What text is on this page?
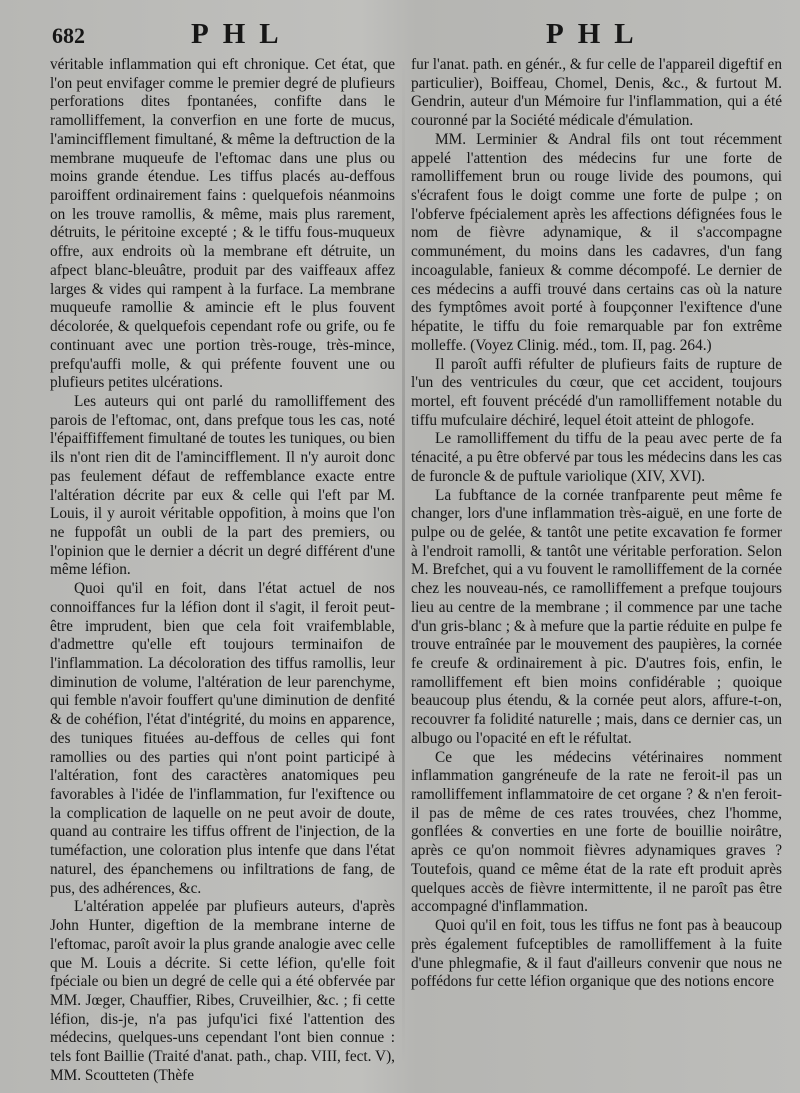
682	PHL	PHL

véritable inflammation qui eft chronique. Cet état, que l'on peut envifager comme le premier degré de plufieurs perforations dites fpontanées, confifte dans le ramolliffement, la converfion en une forte de mucus, l'amincifflement fimultané, & même la deftruction de la membrane muqueufe de l'eftomac dans une plus ou moins grande étendue. Les tiffus placés au-deffous paroiffent ordinairement fains : quelquefois néanmoins on les trouve ramollis, & même, mais plus rarement, détruits, le péritoine excepté ; & le tiffu fous-muqueux offre, aux endroits où la membrane eft détruite, un afpect blanc-bleuâtre, produit par des vaiffeaux affez larges & vides qui rampent à la furface. La membrane muqueufe ramollie & amincie eft le plus fouvent décolorée, & quelquefois cependant rofe ou grife, ou fe continuant avec une portion très-rouge, très-mince, prefqu'auffi molle, & qui préfente fouvent une ou plufieurs petites ulcérations.

Les auteurs qui ont parlé du ramolliffement des parois de l'eftomac, ont, dans prefque tous les cas, noté l'épaiffiffement fimultané de toutes les tuniques, ou bien ils n'ont rien dit de l'amincifflement. Il n'y auroit donc pas feulement défaut de reffemblance exacte entre l'altération décrite par eux & celle qui l'eft par M. Louis, il y auroit véritable oppofition, à moins que l'on ne fuppofât un oubli de la part des premiers, ou l'opinion que le dernier a décrit un degré différent d'une même léfion.

Quoi qu'il en foit, dans l'état actuel de nos connoiffances fur la léfion dont il s'agit, il feroit peut-être imprudent, bien que cela foit vraifemblable, d'admettre qu'elle eft toujours terminaifon de l'inflammation. La décoloration des tiffus ramollis, leur diminution de volume, l'altération de leur parenchyme, qui femble n'avoir fouffert qu'une diminution de denfité & de cohéfion, l'état d'intégrité, du moins en apparence, des tuniques fituées au-deffous de celles qui font ramollies ou des parties qui n'ont point participé à l'altération, font des caractères anatomiques peu favorables à l'idée de l'inflammation, fur l'exiftence ou la complication de laquelle on ne peut avoir de doute, quand au contraire les tiffus offrent de l'injection, de la tuméfaction, une coloration plus intenfe que dans l'état naturel, des épanchemens ou infiltrations de fang, de pus, des adhérences, &c.

L'altération appelée par plufieurs auteurs, d'après John Hunter, digeftion de la membrane interne de l'eftomac, paroît avoir la plus grande analogie avec celle que M. Louis a décrite. Si cette léfion, qu'elle foit fpéciale ou bien un degré de celle qui a été obfervée par MM. Jœger, Chauffier, Ribes, Cruveilhier, &c. ; fi cette léfion, dis-je, n'a pas jufqu'ici fixé l'attention des médecins, quelques-uns cependant l'ont bien connue : tels font Baillie (Traité d'anat. path., chap. VIII, fect. V), MM. Scoutteten (Thèfe

fur l'anat. path. en génér., & fur celle de l'appareil digeftif en particulier), Boiffeau, Chomel, Denis, &c., & furtout M. Gendrin, auteur d'un Mémoire fur l'inflammation, qui a été couronné par la Société médicale d'émulation.

MM. Lerminier & Andral fils ont tout récemment appelé l'attention des médecins fur une forte de ramolliffement brun ou rouge livide des poumons, qui s'écrafent fous le doigt comme une forte de pulpe ; on l'obferve fpécialement après les affections défignées fous le nom de fièvre adynamique, & il s'accompagne communément, du moins dans les cadavres, d'un fang incoagulable, fanieux & comme décompofé. Le dernier de ces médecins a auffi trouvé dans certains cas où la nature des fymptômes avoit porté à foupçonner l'exiftence d'une hépatite, le tiffu du foie remarquable par fon extrême molleffe. (Voyez Clinig. méd., tom. II, pag. 264.)

Il paroît auffi réfulter de plufieurs faits de rupture de l'un des ventricules du cœur, que cet accident, toujours mortel, eft fouvent précédé d'un ramolliffement notable du tiffu mufculaire déchiré, lequel étoit atteint de phlogofe.

Le ramolliffement du tiffu de la peau avec perte de fa ténacité, a pu être obfervé par tous les médecins dans les cas de furoncle & de puftule variolique (XIV, XVI).

La fubftance de la cornée tranfparente peut même fe changer, lors d'une inflammation très-aiguë, en une forte de pulpe ou de gelée, & tantôt une petite excavation fe former à l'endroit ramolli, & tantôt une véritable perforation. Selon M. Brefchet, qui a vu fouvent le ramolliffement de la cornée chez les nouveau-nés, ce ramolliffement a prefque toujours lieu au centre de la membrane ; il commence par une tache d'un gris-blanc ; & à mefure que la partie réduite en pulpe fe trouve entraînée par le mouvement des paupières, la cornée fe creufe & ordinairement à pic. D'autres fois, enfin, le ramolliffement eft bien moins confidérable ; quoique beaucoup plus étendu, & la cornée peut alors, affure-t-on, recouvrer fa folidité naturelle ; mais, dans ce dernier cas, un albugo ou l'opacité en eft le réfultat.

Ce que les médecins vétérinaires nomment inflammation gangréneufe de la rate ne feroit-il pas un ramolliffement inflammatoire de cet organe ? & n'en feroit-il pas de même de ces rates trouvées, chez l'homme, gonflées & converties en une forte de bouillie noirâtre, après ce qu'on nommoit fièvres adynamiques graves ? Toutefois, quand ce même état de la rate eft produit après quelques accès de fièvre intermittente, il ne paroît pas être accompagné d'inflammation.

Quoi qu'il en foit, tous les tiffus ne font pas à beaucoup près également fufceptibles de ramolliffement à la fuite d'une phlegmafie, & il faut d'ailleurs convenir que nous ne poffédons fur cette léfion organique que des notions encore
